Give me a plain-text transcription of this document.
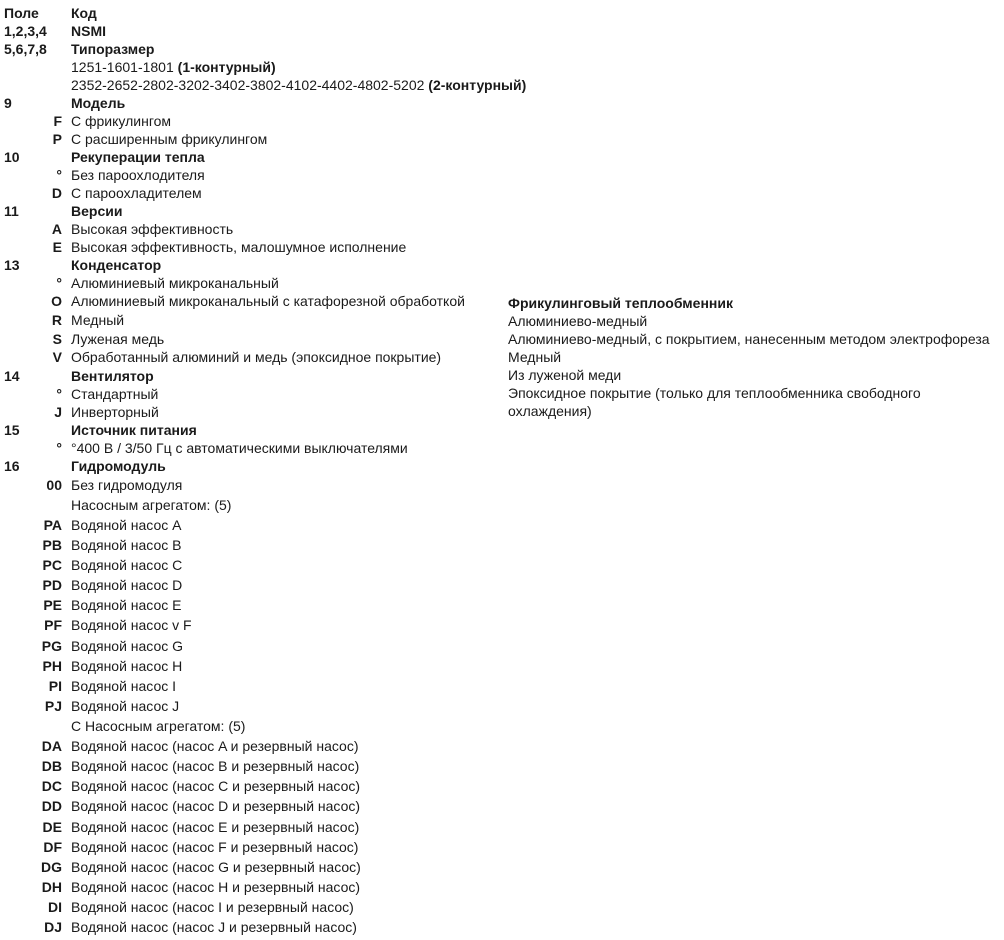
Поле	Код
1,2,3,4	NSMI
5,6,7,8	Типоразмер
1251-1601-1801 (1-контурный)
2352-2652-2802-3202-3402-3802-4102-4402-4802-5202 (2-контурный)
9	Модель
F С фрикулингом
P С расширенным фрикулингом
10	Рекуперации тепла
° Без пароохлодителя
D С пароохладителем
11	Версии
A Высокая эффективность
E Высокая эффективность, малошумное исполнение
13	Конденсатор
° Алюминиевый микроканальный
O Алюминиевый микроканальный с катафорезной обработкой
R Медный
S Луженая медь
V Обработанный алюминий и медь (эпоксидное покрытие)
14	Вентилятор
° Стандартный
J Инверторный
15	Источник питания
° °400 В / 3/50 Гц с автоматическими выключателями
16	Гидромодуль
00 Без гидромодуля
Насосным агрегатом: (5)
PA Водяной насос A
PB Водяной насос B
PC Водяной насос C
PD Водяной насос D
PE Водяной насос E
PF Водяной насос v F
PG Водяной насос G
PH Водяной насос H
PI Водяной насос I
PJ Водяной насос J
С Насосным агрегатом: (5)
DA Водяной насос (насос A и резервный насос)
DB Водяной насос (насос B и резервный насос)
DC Водяной насос (насос C и резервный насос)
DD Водяной насос (насос D и резервный насос)
DE Водяной насос (насос E и резервный насос)
DF Водяной насос (насос F и резервный насос)
DG Водяной насос (насос G и резервный насос)
DH Водяной насос (насос H и резервный насос)
DI Водяной насос (насос I и резервный насос)
DJ Водяной насос (насос J и резервный насос)
Фрикулинговый теплообменник
Алюминиево-медный
Алюминиево-медный, с покрытием, нанесенным методом электрофореза
Медный
Из луженой меди
Эпоксидное покрытие (только для теплообменника свободного
охлаждения)
